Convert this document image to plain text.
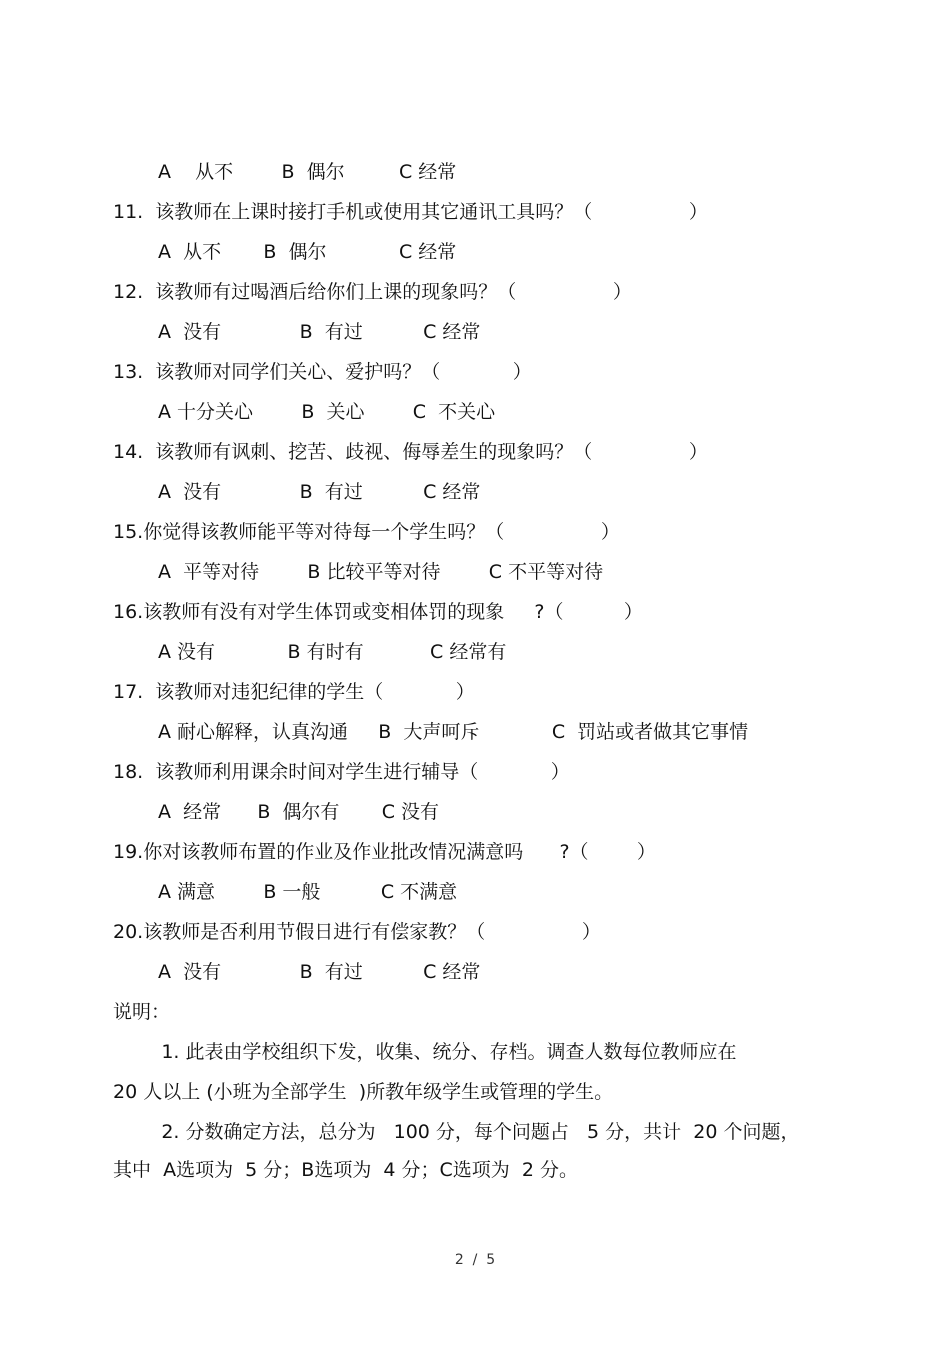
A    从不        B  偶尔         C 经常
11.  该教师在上课时接打手机或使用其它通讯工具吗？（                ）
A  从不       B  偶尔            C 经常
12.  该教师有过喝酒后给你们上课的现象吗？（                ）
A  没有             B  有过          C 经常
13.  该教师对同学们关心、爱护吗？（            ）
A 十分关心        B  关心        C  不关心
14.  该教师有讽刺、挖苦、歧视、侮辱差生的现象吗？（                ）
A  没有             B  有过          C 经常
15.你觉得该教师能平等对待每一个学生吗？（                ）
A  平等对待        B 比较平等对待        C 不平等对待
16.该教师有没有对学生体罚或变相体罚的现象     ?（          ）
A 没有            B 有时有           C 经常有
17.  该教师对违犯纪律的学生（            ）
A 耐心解释，认真沟通     B  大声呵斥            C  罚站或者做其它事情
18.  该教师利用课余时间对学生进行辅导（            ）
A  经常      B  偶尔有       C 没有
19.你对该教师布置的作业及作业批改情况满意吗      ?（        ）
A 满意        B 一般          C 不满意
20.该教师是否利用节假日进行有偿家教？（                ）
A  没有             B  有过          C 经常
说明：
1. 此表由学校组织下发，收集、统分、存档。调查人数每位教师应在
20 人以上 (小班为全部学生  )所教年级学生或管理的学生。
2. 分数确定方法，总分为   100 分，每个问题占   5 分，共计  20 个问题，
其中  A选项为  5 分；B选项为  4 分；C选项为  2 分。
2  /  5
